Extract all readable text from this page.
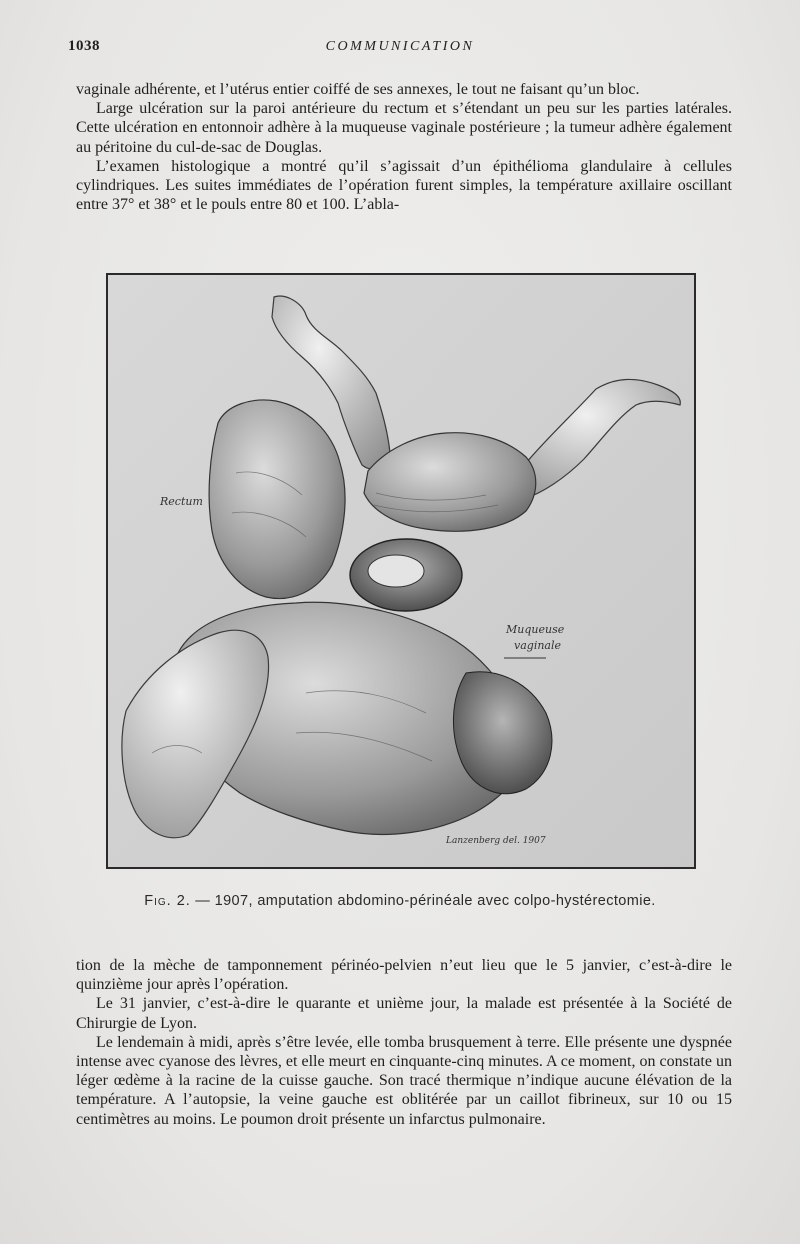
1038	COMMUNICATION

vaginale adhérente, et l’utérus entier coiffé de ses annexes, le tout ne faisant qu’un bloc.

Large ulcération sur la paroi antérieure du rectum et s’étendant un peu sur les parties latérales. Cette ulcération en entonnoir adhère à la muqueuse vaginale postérieure ; la tumeur adhère également au péritoine du cul-de-sac de Douglas.

L’examen histologique a montré qu’il s’agissait d’un épithélioma glandulaire à cellules cylindriques. Les suites immédiates de l’opération furent simples, la température axillaire oscillant entre 37° et 38° et le pouls entre 80 et 100. L’abla-

Rectum
Muqueuse
vaginale
Lanzenberg del. 1907
Fig. 2. — 1907, amputation abdomino-périnéale avec colpo-hystérectomie.

tion de la mèche de tamponnement périnéo-pelvien n’eut lieu que le 5 janvier, c’est-à-dire le quinzième jour après l’opération.

Le 31 janvier, c’est-à-dire le quarante et unième jour, la malade est présentée à la Société de Chirurgie de Lyon.

Le lendemain à midi, après s’être levée, elle tomba brusquement à terre. Elle présente une dyspnée intense avec cyanose des lèvres, et elle meurt en cinquante-cinq minutes. A ce moment, on constate un léger œdème à la racine de la cuisse gauche. Son tracé thermique n’indique aucune élévation de la température. A l’autopsie, la veine gauche est oblitérée par un caillot fibrineux, sur 10 ou 15 centimètres au moins. Le poumon droit présente un infarctus pulmonaire.
